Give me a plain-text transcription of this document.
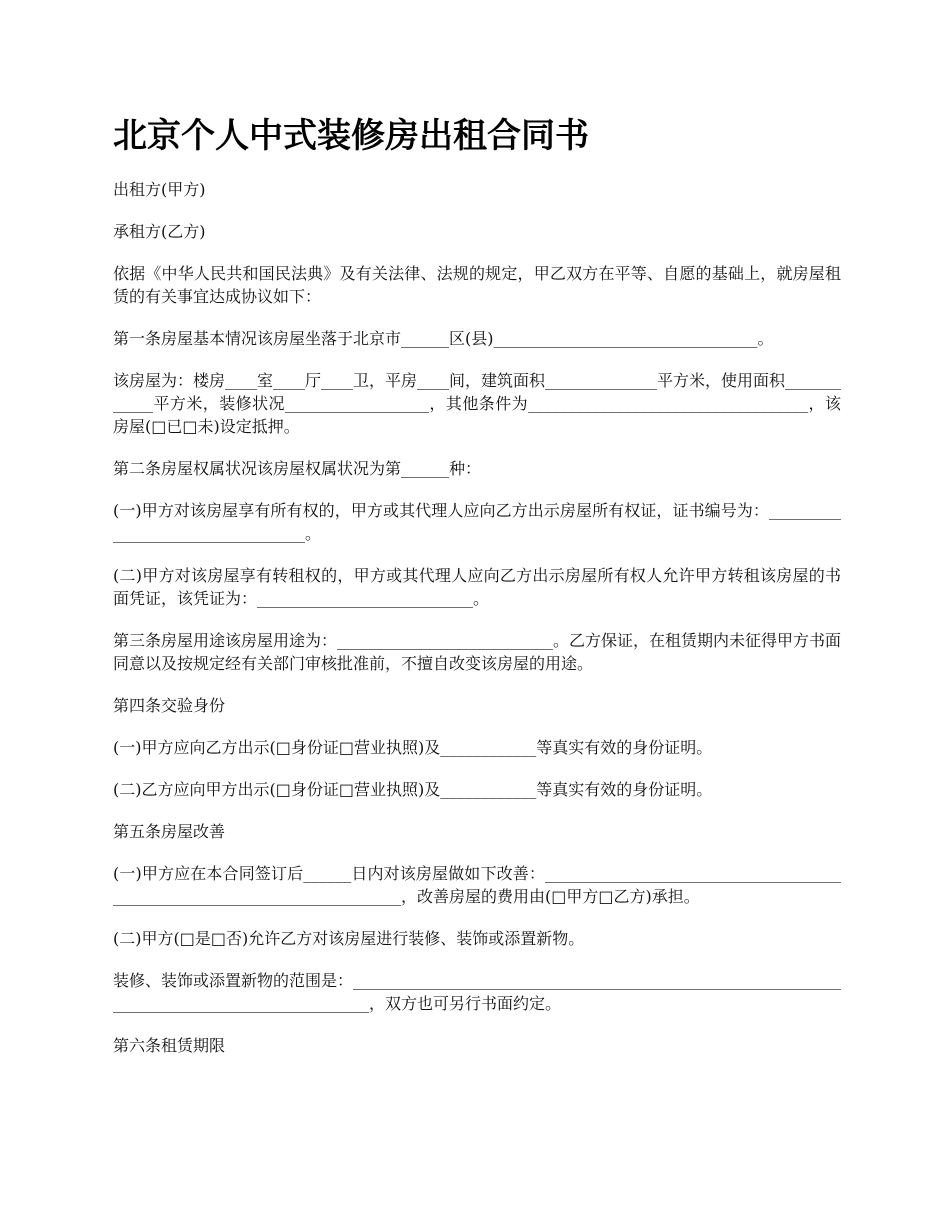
北京个人中式装修房出租合同书

出租方(甲方)

承租方(乙方)

依据《中华人民共和国民法典》及有关法律、法规的规定，甲乙双方在平等、自愿的基础上，就房屋租赁的有关事宜达成协议如下：

第一条房屋基本情况该房屋坐落于北京市______区(县)_________________________________。

该房屋为：楼房____室____厅____卫，平房____间，建筑面积______________平方米，使用面积____________平方米，装修状况__________________，其他条件为___________________________________，该房屋(□已□未)设定抵押。

第二条房屋权属状况该房屋权属状况为第______种：

(一)甲方对该房屋享有所有权的，甲方或其代理人应向乙方出示房屋所有权证，证书编号为：_________________________________。

(二)甲方对该房屋享有转租权的，甲方或其代理人应向乙方出示房屋所有权人允许甲方转租该房屋的书面凭证，该凭证为：___________________________。

第三条房屋用途该房屋用途为：___________________________。乙方保证，在租赁期内未征得甲方书面同意以及按规定经有关部门审核批准前，不擅自改变该房屋的用途。

第四条交验身份

(一)甲方应向乙方出示(□身份证□营业执照)及____________等真实有效的身份证明。

(二)乙方应向甲方出示(□身份证□营业执照)及____________等真实有效的身份证明。

第五条房屋改善

(一)甲方应在本合同签订后______日内对该房屋做如下改善：_________________________________________________________________________，改善房屋的费用由(□甲方□乙方)承担。

(二)甲方(□是□否)允许乙方对该房屋进行装修、装饰或添置新物。

装修、装饰或添置新物的范围是：_____________________________________________________________________________________________，双方也可另行书面约定。

第六条租赁期限
